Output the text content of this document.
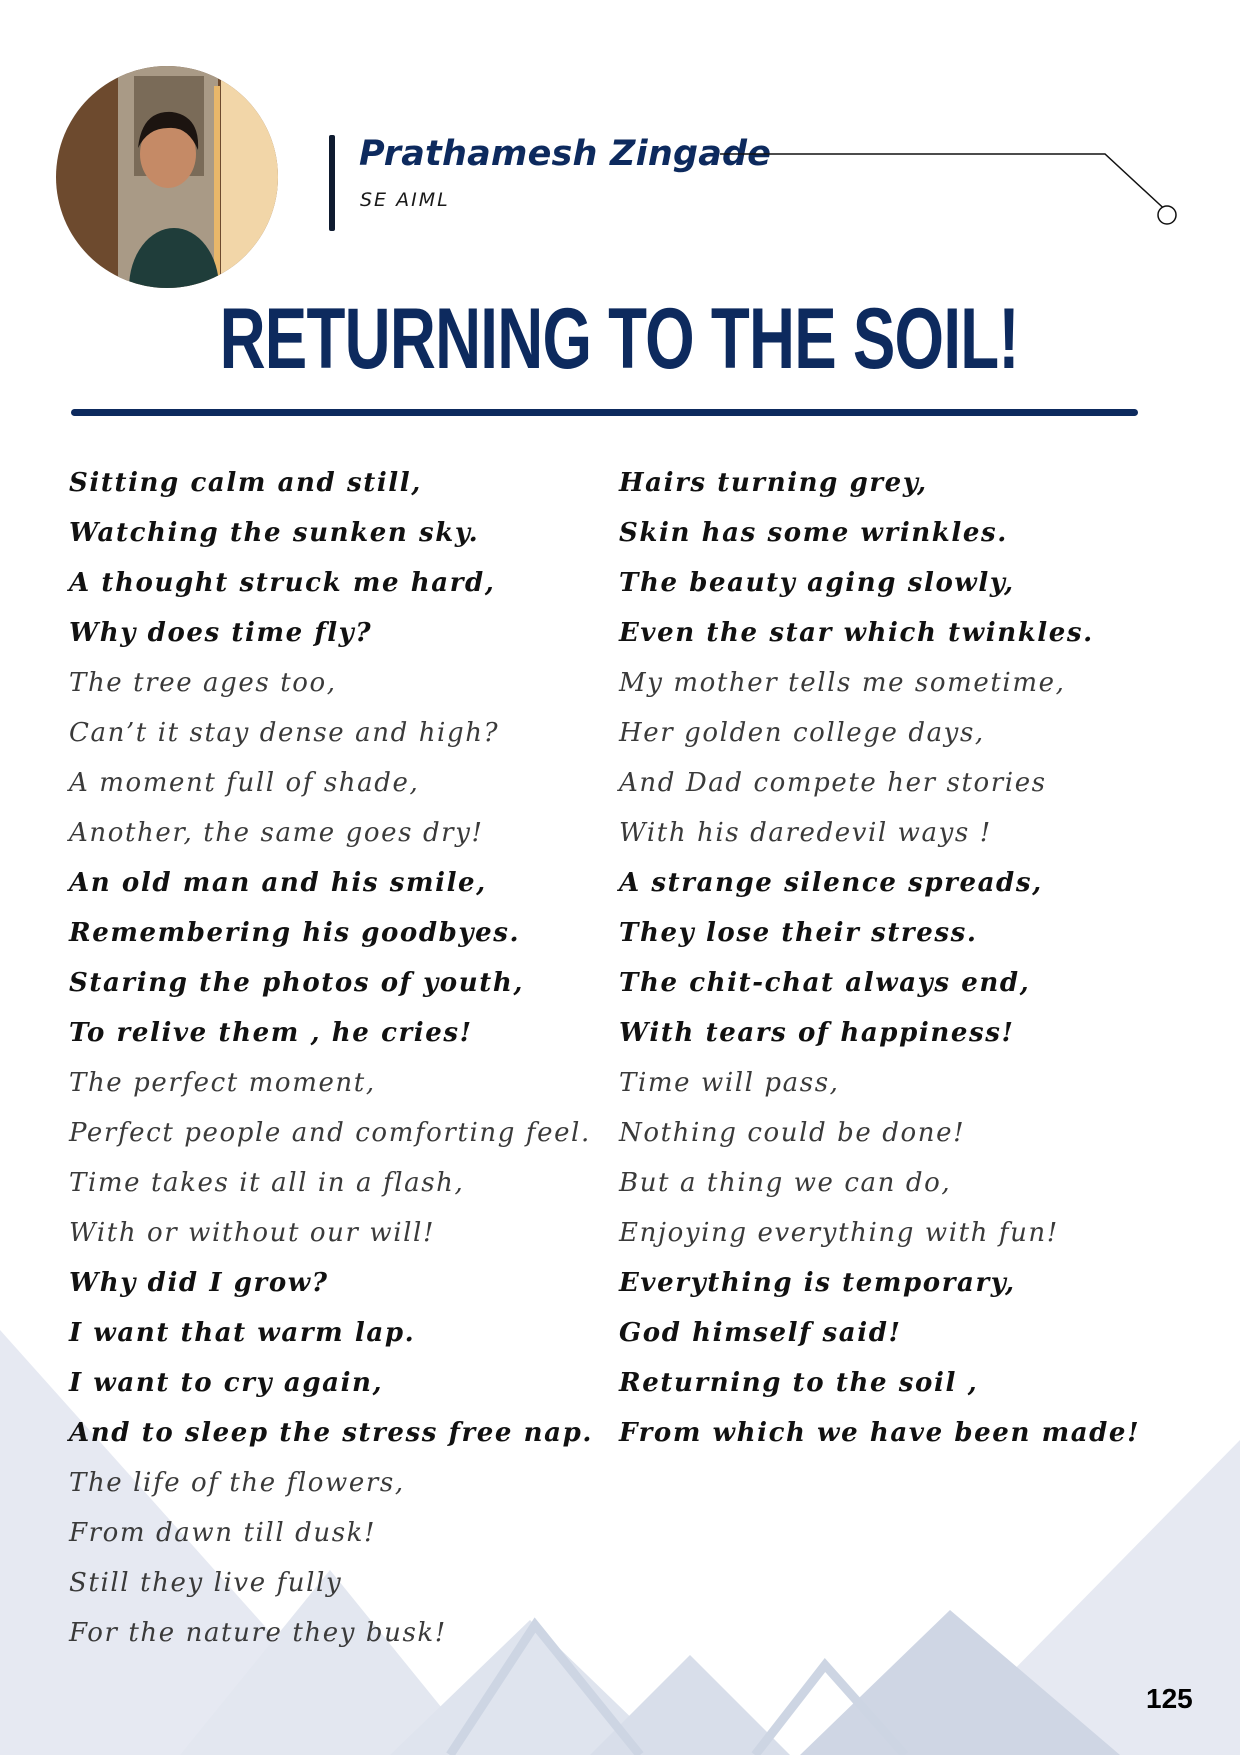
Prathamesh Zingade
SE AIML
RETURNING TO THE SOIL!
Sitting calm and still,
Watching the sunken sky.
A thought struck me hard,
Why does time fly?
The tree ages too,
Can’t it stay dense and high?
A moment full of shade,
Another, the same goes dry!
An old man and his smile,
Remembering his goodbyes.
Staring the photos of youth,
To relive them , he cries!
The perfect moment,
Perfect people and comforting feel.
Time takes it all in a flash,
With or without our will!
Why did I grow?
I want that warm lap.
I want to cry again,
And to sleep the stress free nap.
The life of the flowers,
From dawn till dusk!
Still they live fully
For the nature they busk!
Hairs turning grey,
Skin has some wrinkles.
The beauty aging slowly,
Even the star which twinkles.
My mother tells me sometime,
Her golden college days,
And Dad compete her stories
With his daredevil ways !
A strange silence spreads,
They lose their stress.
The chit-chat always end,
With tears of happiness!
Time will pass,
Nothing could be done!
But a thing we can do,
Enjoying everything with fun!
Everything is temporary,
God himself said!
Returning to the soil ,
From which we have been made!
125
